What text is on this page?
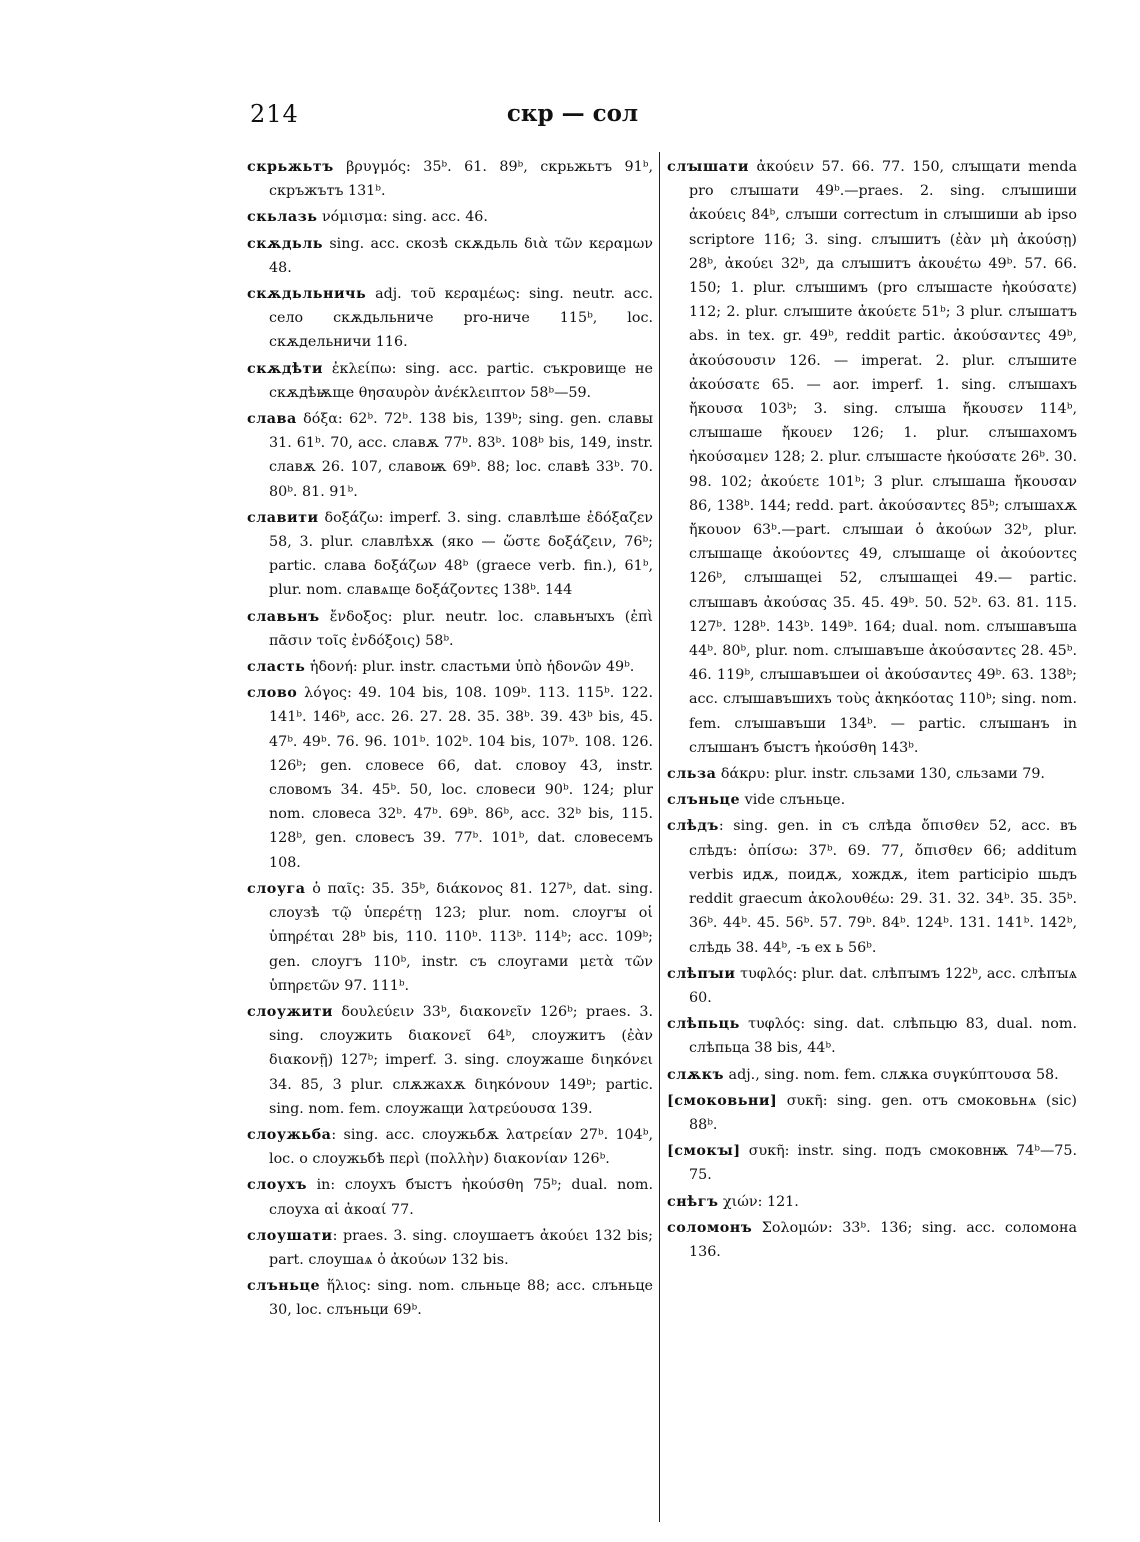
214	скр — сол

скрьжьтъ βρυγμός: 35ᵇ. 61. 89ᵇ, скрьжьтъ 91ᵇ, скръжътъ 131ᵇ.

скьлазь νόμισμα: sing. acc. 46.

скѫдьль sing. acc. скозѣ скѫдьль διὰ τῶν κεραμων 48.

скѫдьльничь adj. τοῦ κεραμέως: sing. neutr. acc. село скѫдьльниче pro-ниче 115ᵇ, loc. скѫдельничи 116.

скѫдѣти ἐκλείπω: sing. acc. partic. съкровище не скѫдѣѭще θησαυρὸν ἀνέκλειπτον 58ᵇ—59.

слава δόξα: 62ᵇ. 72ᵇ. 138 bis, 139ᵇ; sing. gen. славы 31. 61ᵇ. 70, acc. славѫ 77ᵇ. 83ᵇ. 108ᵇ bis, 149, instr. славѫ 26. 107, славоѭ 69ᵇ. 88; loc. славѣ 33ᵇ. 70. 80ᵇ. 81. 91ᵇ.

славити δοξάζω: imperf. 3. sing. славлѣше ἐδόξαζεν 58, 3. plur. славлѣхѫ (яко — ὥστε δοξάζειν, 76ᵇ; partic. слава δοξάζων 48ᵇ (graece verb. fin.), 61ᵇ, plur. nom. славѧще δοξάζοντες 138ᵇ. 144

славьнъ ἔνδοξος: plur. neutr. loc. славьнꙑхъ (ἐπὶ πᾶσιν τοῖς ἐνδόξοις) 58ᵇ.

сласть ἡδονή: plur. instr. сластьми ὑπὸ ἡδονῶν 49ᵇ.

слово λόγος: 49. 104 bis, 108. 109ᵇ. 113. 115ᵇ. 122. 141ᵇ. 146ᵇ, acc. 26. 27. 28. 35. 38ᵇ. 39. 43ᵇ bis, 45. 47ᵇ. 49ᵇ. 76. 96. 101ᵇ. 102ᵇ. 104 bis, 107ᵇ. 108. 126. 126ᵇ; gen. словесе 66, dat. словоу 43, instr. словомъ 34. 45ᵇ. 50, loc. словеси 90ᵇ. 124; plur nom. словеса 32ᵇ. 47ᵇ. 69ᵇ. 86ᵇ, acc. 32ᵇ bis, 115. 128ᵇ, gen. словесъ 39. 77ᵇ. 101ᵇ, dat. словесемъ 108.

слоуга ὁ παῖς: 35. 35ᵇ, διάκονος 81. 127ᵇ, dat. sing. слоузѣ τῷ ὑπερέτῃ 123; plur. nom. слоугꙑ οἱ ὑπηρέται 28ᵇ bis, 110. 110ᵇ. 113ᵇ. 114ᵇ; acc. 109ᵇ; gen. слоугъ 110ᵇ, instr. съ слоугами μετὰ τῶν ὑπηρετῶν 97. 111ᵇ.

слоужити δουλεύειν 33ᵇ, διακονεῖν 126ᵇ; praes. 3. sing. слоужить διακονεῖ 64ᵇ, слоужитъ (ἐὰν διακονῇ) 127ᵇ; imperf. 3. sing. слоужаше διηκόνει 34. 85, 3 plur. слѫжахѫ διηκόνουν 149ᵇ; partic. sing. nom. fem. слоужащи λατρεύουσα 139.

слоужьба: sing. acc. слоужьбѫ λατρείαν 27ᵇ. 104ᵇ, loc. о слоужьбѣ περὶ (πολλὴν) διακονίαν 126ᵇ.

слоухъ in: слоухъ бꙑстъ ἠκούσθη 75ᵇ; dual. nom. слоуха αἱ ἀκοαί 77.

слоушати: praes. 3. sing. слоушаетъ ἀκούει 132 bis; part. слоушаѧ ὁ ἀκούων 132 bis.

слъньце ἥλιος: sing. nom. сльньце 88; acc. слъньце 30, loc. слъньци 69ᵇ.

слꙑшати ἀκούειν 57. 66. 77. 150, слꙑщати menda pro слꙑшати 49ᵇ.—praes. 2. sing. слꙑшиши ἀκούεις 84ᵇ, слꙑши correctum in слꙑшиши ab ipso scriptore 116; 3. sing. слꙑшитъ (ἐὰν μὴ ἀκούσῃ) 28ᵇ, ἀκούει 32ᵇ, да слꙑшитъ ἀκουέτω 49ᵇ. 57. 66. 150; 1. plur. слꙑшимъ (pro слꙑшасте ἠκούσατε) 112; 2. plur. слꙑшите ἀκούετε 51ᵇ; 3 plur. слꙑшатъ abs. in tex. gr. 49ᵇ, reddit partic. ἀκούσαντες 49ᵇ, ἀκούσουσιν 126. — imperat. 2. plur. слꙑшите ἀκούσατε 65. — aor. imperf. 1. sing. слꙑшахъ ἤκουσα 103ᵇ; 3. sing. слꙑша ἤκουσεν 114ᵇ, слꙑшаше ἤκουεν 126; 1. plur. слꙑшахомъ ἠκούσαμεν 128; 2. plur. слꙑшасте ἠκούσατε 26ᵇ. 30. 98. 102; ἀκούετε 101ᵇ; 3 plur. слꙑшаша ἤκουσαν 86, 138ᵇ. 144; redd. part. ἀκούσαντες 85ᵇ; слꙑшахѫ ἤκουον 63ᵇ.—part. слꙑшаи ὁ ἀκούων 32ᵇ, plur. слꙑшаще ἀκούοντες 49, слꙑшаще οἱ ἀκούοντες 126ᵇ, слꙑшащеі 52, слꙑшащеі 49.— partic. слꙑшавъ ἀκούσας 35. 45. 49ᵇ. 50. 52ᵇ. 63. 81. 115. 127ᵇ. 128ᵇ. 143ᵇ. 149ᵇ. 164; dual. nom. слꙑшавъша 44ᵇ. 80ᵇ, plur. nom. слꙑшавъше ἀκούσαντες 28. 45ᵇ. 46. 119ᵇ, слꙑшавъшеи οἱ ἀκούσαντες 49ᵇ. 63. 138ᵇ; acc. слꙑшавъшихъ τοὺς ἀκηκόοτας 110ᵇ; sing. nom. fem. слꙑшавъши 134ᵇ. — partic. слꙑшанъ in слꙑшанъ бꙑстъ ἠκούσθη 143ᵇ.

сльза δάκρυ: plur. instr. сльзами 130, сльзами 79.

слъньце vide слъньце.

слѣдъ: sing. gen. in съ слѣда ὄπισθεν 52, acc. въ слѣдъ: ὀπίσω: 37ᵇ. 69. 77, ὄπισθεν 66; additum verbis идѫ, поидѫ, хождѫ, item participio шьдъ reddit graecum ἀκολουθέω: 29. 31. 32. 34ᵇ. 35. 35ᵇ. 36ᵇ. 44ᵇ. 45. 56ᵇ. 57. 79ᵇ. 84ᵇ. 124ᵇ. 131. 141ᵇ. 142ᵇ, слѣдь 38. 44ᵇ, -ъ ex ь 56ᵇ.

слѣпꙑи τυφλός: plur. dat. слѣпꙑмъ 122ᵇ, acc. слѣпꙑѧ 60.

слѣпьць τυφλός: sing. dat. слѣпьцю 83, dual. nom. слѣпьца 38 bis, 44ᵇ.

слѫкъ adj., sing. nom. fem. слѫка συγκύπτουσα 58.

[смоковьни] συκῆ: sing. gen. отъ смоковьнѧ (sic) 88ᵇ.

[смокꙑ] συκῆ: instr. sing. подъ смоковнѭ 74ᵇ—75. 75.

снѣгъ χιών: 121.

соломонъ Σολομών: 33ᵇ. 136; sing. acc. соломона 136.
